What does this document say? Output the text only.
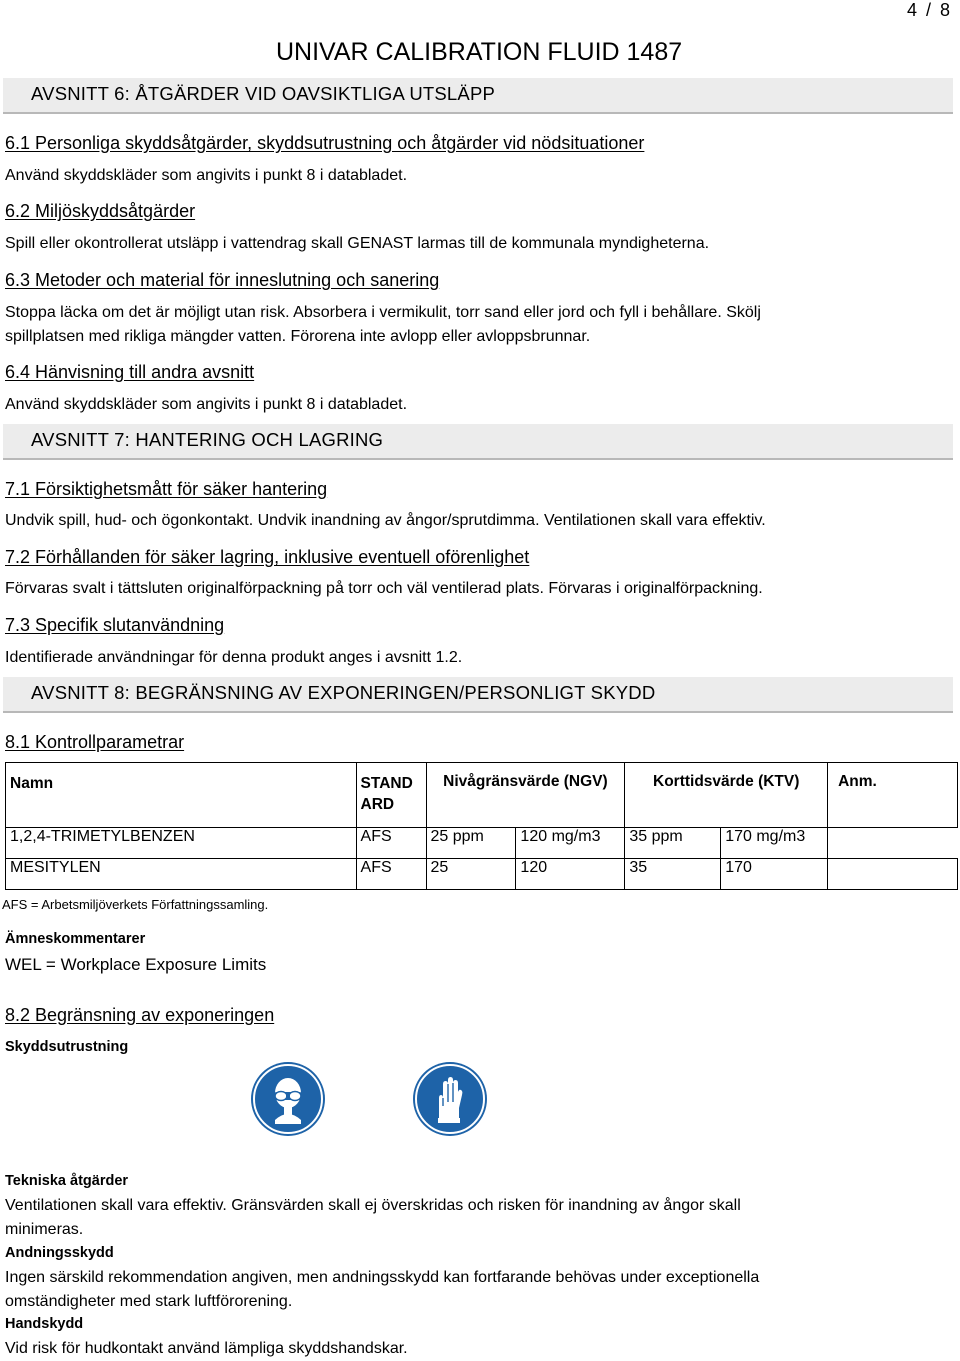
4 / 8
UNIVAR CALIBRATION FLUID 1487
AVSNITT 6: ÅTGÄRDER VID OAVSIKTLIGA UTSLÄPP
6.1 Personliga skyddsåtgärder, skyddsutrustning och åtgärder vid nödsituationer
Använd skyddskläder som angivits i punkt 8 i databladet.
6.2 Miljöskyddsåtgärder
Spill eller okontrollerat utsläpp i vattendrag skall GENAST larmas till de kommunala myndigheterna.
6.3 Metoder och material för inneslutning och sanering
Stoppa läcka om det är möjligt utan risk. Absorbera i vermikulit, torr sand eller jord och fyll i behållare. Skölj
spillplatsen med rikliga mängder vatten. Förorena inte avlopp eller avloppsbrunnar.
6.4 Hänvisning till andra avsnitt
Använd skyddskläder som angivits i punkt 8 i databladet.
AVSNITT 7: HANTERING OCH LAGRING
7.1 Försiktighetsmått för säker hantering
Undvik spill, hud- och ögonkontakt. Undvik inandning av ångor/sprutdimma. Ventilationen skall vara effektiv.
7.2 Förhållanden för säker lagring, inklusive eventuell oförenlighet
Förvaras svalt i tättsluten originalförpackning på torr och väl ventilerad plats. Förvaras i originalförpackning.
7.3 Specifik slutanvändning
Identifierade användningar för denna produkt anges i avsnitt 1.2.
AVSNITT 8: BEGRÄNSNING AV EXPONERINGEN/PERSONLIGT SKYDD
8.1 Kontrollparametrar
Namn	STAND
ARD	Nivågränsvärde (NGV)		Korttidsvärde (KTV)		Anm.
1,2,4-TRIMETYLBENZEN	AFS	25 ppm	120 mg/m3	35 ppm	170 mg/m3	
MESITYLEN	AFS	25	120	35	170	
AFS = Arbetsmiljöverkets Författningssamling.
Ämneskommentarer
WEL = Workplace Exposure Limits
8.2 Begränsning av exponeringen
Skyddsutrustning
Tekniska åtgärder
Ventilationen skall vara effektiv. Gränsvärden skall ej överskridas och risken för inandning av ångor skall
minimeras.
Andningsskydd
Ingen särskild rekommendation angiven, men andningsskydd kan fortfarande behövas under exceptionella
omständigheter med stark luftförorening.
Handskydd
Vid risk för hudkontakt använd lämpliga skyddshandskar.
